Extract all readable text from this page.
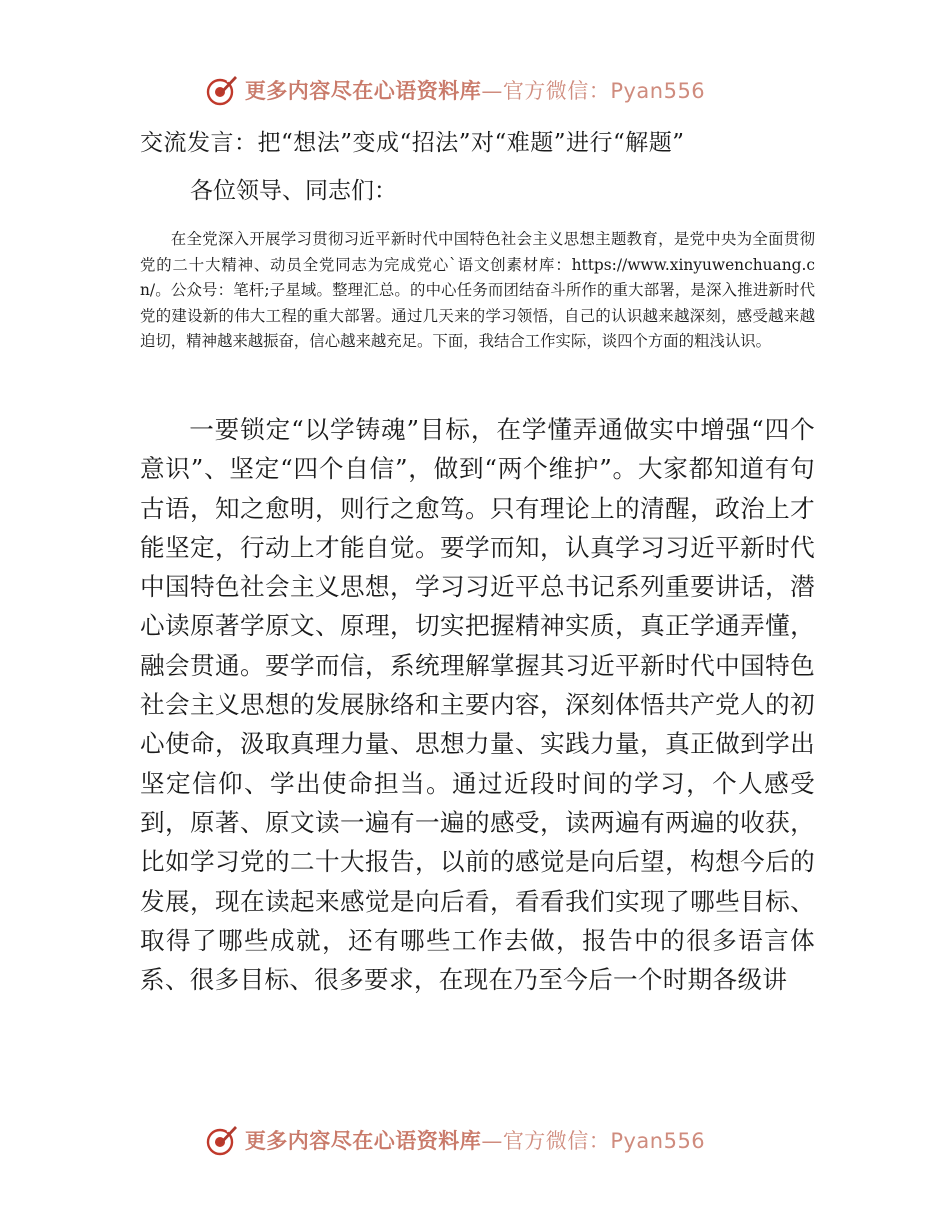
更多内容尽在心语资料库—官方微信：Pyan556
交流发言：把“想法”变成“招法”对“难题”进行“解题”
各位领导、同志们：
在全党深入开展学习贯彻习近平新时代中国特色社会主义思想主题教育，是党中央为全面贯彻党的二十大精神、动员全党同志为完成党心`语文创素材库：https://www.xinyuwenchuang.cn/。公众号：笔杆;子星域。整理汇总。的中心任务而团结奋斗所作的重大部署，是深入推进新时代党的建设新的伟大工程的重大部署。通过几天来的学习领悟，自己的认识越来越深刻，感受越来越迫切，精神越来越振奋，信心越来越充足。下面，我结合工作实际，谈四个方面的粗浅认识。
一要锁定“以学铸魂”目标，在学懂弄通做实中增强“四个意识”、坚定“四个自信”，做到“两个维护”。大家都知道有句古语，知之愈明，则行之愈笃。只有理论上的清醒，政治上才能坚定，行动上才能自觉。要学而知，认真学习习近平新时代中国特色社会主义思想，学习习近平总书记系列重要讲话，潜心读原著学原文、原理，切实把握精神实质，真正学通弄懂，融会贯通。要学而信，系统理解掌握其习近平新时代中国特色社会主义思想的发展脉络和主要内容，深刻体悟共产党人的初心使命，汲取真理力量、思想力量、实践力量，真正做到学出坚定信仰、学出使命担当。通过近段时间的学习，个人感受到，原著、原文读一遍有一遍的感受，读两遍有两遍的收获，比如学习党的二十大报告，以前的感觉是向后望，构想今后的发展，现在读起来感觉是向后看，看看我们实现了哪些目标、取得了哪些成就，还有哪些工作去做，报告中的很多语言体系、很多目标、很多要求，在现在乃至今后一个时期各级讲
更多内容尽在心语资料库—官方微信：Pyan556
